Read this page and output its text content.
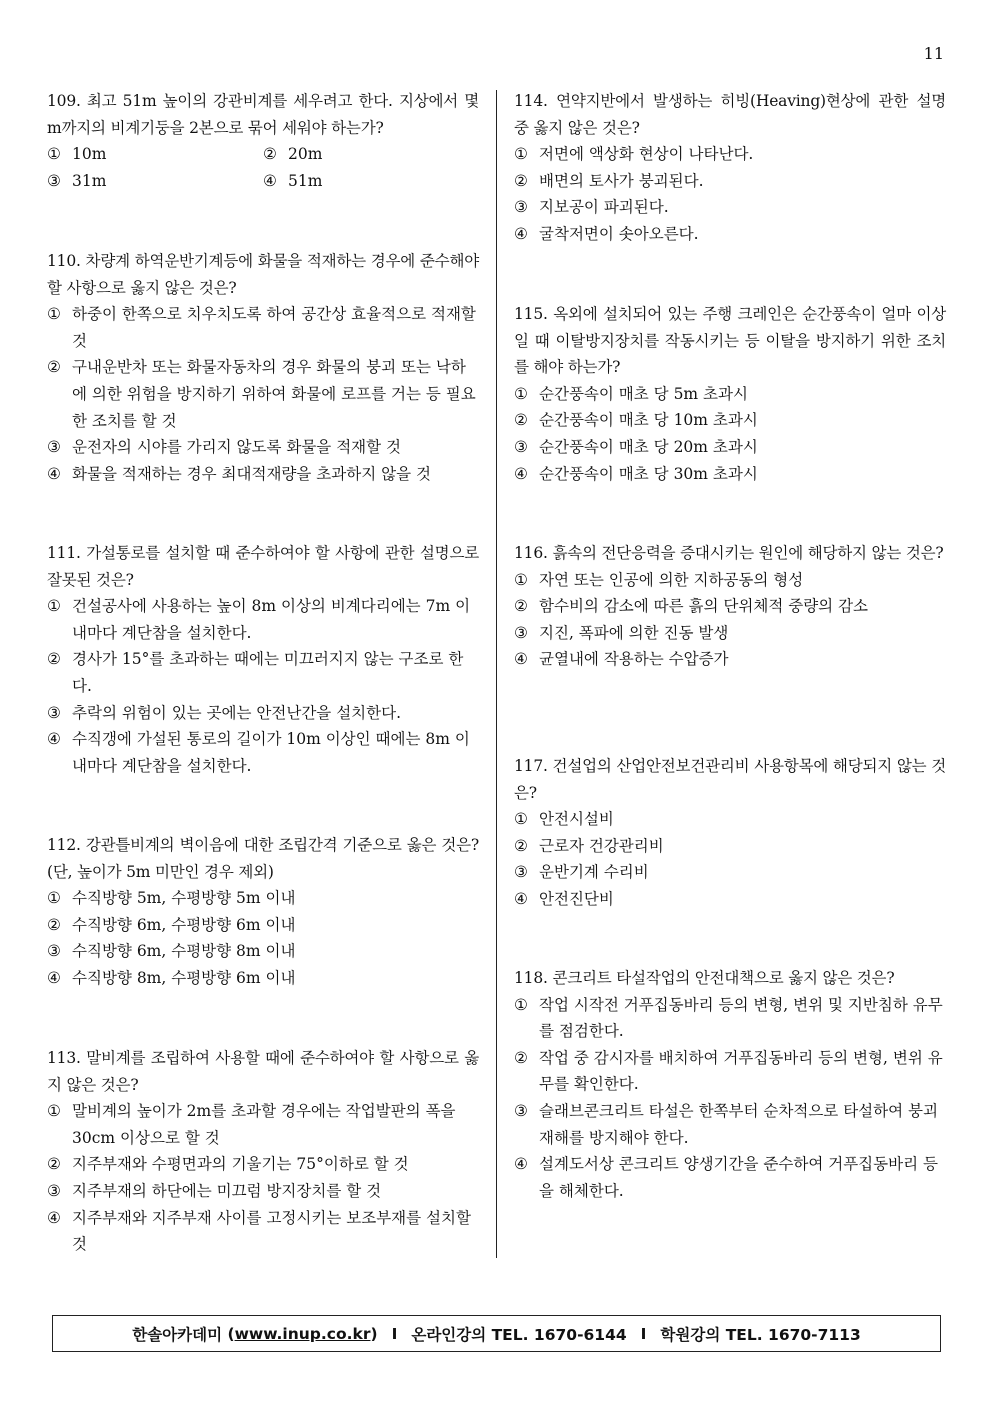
11
109. 최고 51m 높이의 강관비계를 세우려고 한다. 지상에서 몇 m까지의 비계기둥을 2본으로 묶어 세워야 하는가?
① 10m	② 20m
③ 31m	④ 51m
110. 차량계 하역운반기계등에 화물을 적재하는 경우에 준수해야 할 사항으로 옳지 않은 것은?
① 하중이 한쪽으로 치우치도록 하여 공간상 효율적으로 적재할 것
② 구내운반차 또는 화물자동차의 경우 화물의 붕괴 또는 낙하에 의한 위험을 방지하기 위하여 화물에 로프를 거는 등 필요한 조치를 할 것
③ 운전자의 시야를 가리지 않도록 화물을 적재할 것
④ 화물을 적재하는 경우 최대적재량을 초과하지 않을 것
111. 가설통로를 설치할 때 준수하여야 할 사항에 관한 설명으로 잘못된 것은?
① 건설공사에 사용하는 높이 8m 이상의 비계다리에는 7m 이내마다 계단참을 설치한다.
② 경사가 15°를 초과하는 때에는 미끄러지지 않는 구조로 한다.
③ 추락의 위험이 있는 곳에는 안전난간을 설치한다.
④ 수직갱에 가설된 통로의 길이가 10m 이상인 때에는 8m 이내마다 계단참을 설치한다.
112. 강관틀비계의 벽이음에 대한 조립간격 기준으로 옳은 것은? (단, 높이가 5m 미만인 경우 제외)
① 수직방향 5m, 수평방향 5m 이내
② 수직방향 6m, 수평방향 6m 이내
③ 수직방향 6m, 수평방향 8m 이내
④ 수직방향 8m, 수평방향 6m 이내
113. 말비계를 조립하여 사용할 때에 준수하여야 할 사항으로 옳지 않은 것은?
① 말비계의 높이가 2m를 초과할 경우에는 작업발판의 폭을 30cm 이상으로 할 것
② 지주부재와 수평면과의 기울기는 75°이하로 할 것
③ 지주부재의 하단에는 미끄럼 방지장치를 할 것
④ 지주부재와 지주부재 사이를 고정시키는 보조부재를 설치할 것
114. 연약지반에서 발생하는 히빙(Heaving)현상에 관한 설명 중 옳지 않은 것은?
① 저면에 액상화 현상이 나타난다.
② 배면의 토사가 붕괴된다.
③ 지보공이 파괴된다.
④ 굴착저면이 솟아오른다.
115. 옥외에 설치되어 있는 주행 크레인은 순간풍속이 얼마 이상일 때 이탈방지장치를 작동시키는 등 이탈을 방지하기 위한 조치를 해야 하는가?
① 순간풍속이 매초 당 5m 초과시
② 순간풍속이 매초 당 10m 초과시
③ 순간풍속이 매초 당 20m 초과시
④ 순간풍속이 매초 당 30m 초과시
116. 흙속의 전단응력을 증대시키는 원인에 해당하지 않는 것은?
① 자연 또는 인공에 의한 지하공동의 형성
② 함수비의 감소에 따른 흙의 단위체적 중량의 감소
③ 지진, 폭파에 의한 진동 발생
④ 균열내에 작용하는 수압증가
117. 건설업의 산업안전보건관리비 사용항목에 해당되지 않는 것은?
① 안전시설비
② 근로자 건강관리비
③ 운반기계 수리비
④ 안전진단비
118. 콘크리트 타설작업의 안전대책으로 옳지 않은 것은?
① 작업 시작전 거푸집동바리 등의 변형, 변위 및 지반침하 유무를 점검한다.
② 작업 중 감시자를 배치하여 거푸집동바리 등의 변형, 변위 유무를 확인한다.
③ 슬래브콘크리트 타설은 한쪽부터 순차적으로 타설하여 붕괴 재해를 방지해야 한다.
④ 설계도서상 콘크리트 양생기간을 준수하여 거푸집동바리 등을 해체한다.
한솔아카데미 (www.inup.co.kr) I 온라인강의 TEL. 1670-6144 I 학원강의 TEL. 1670-7113
